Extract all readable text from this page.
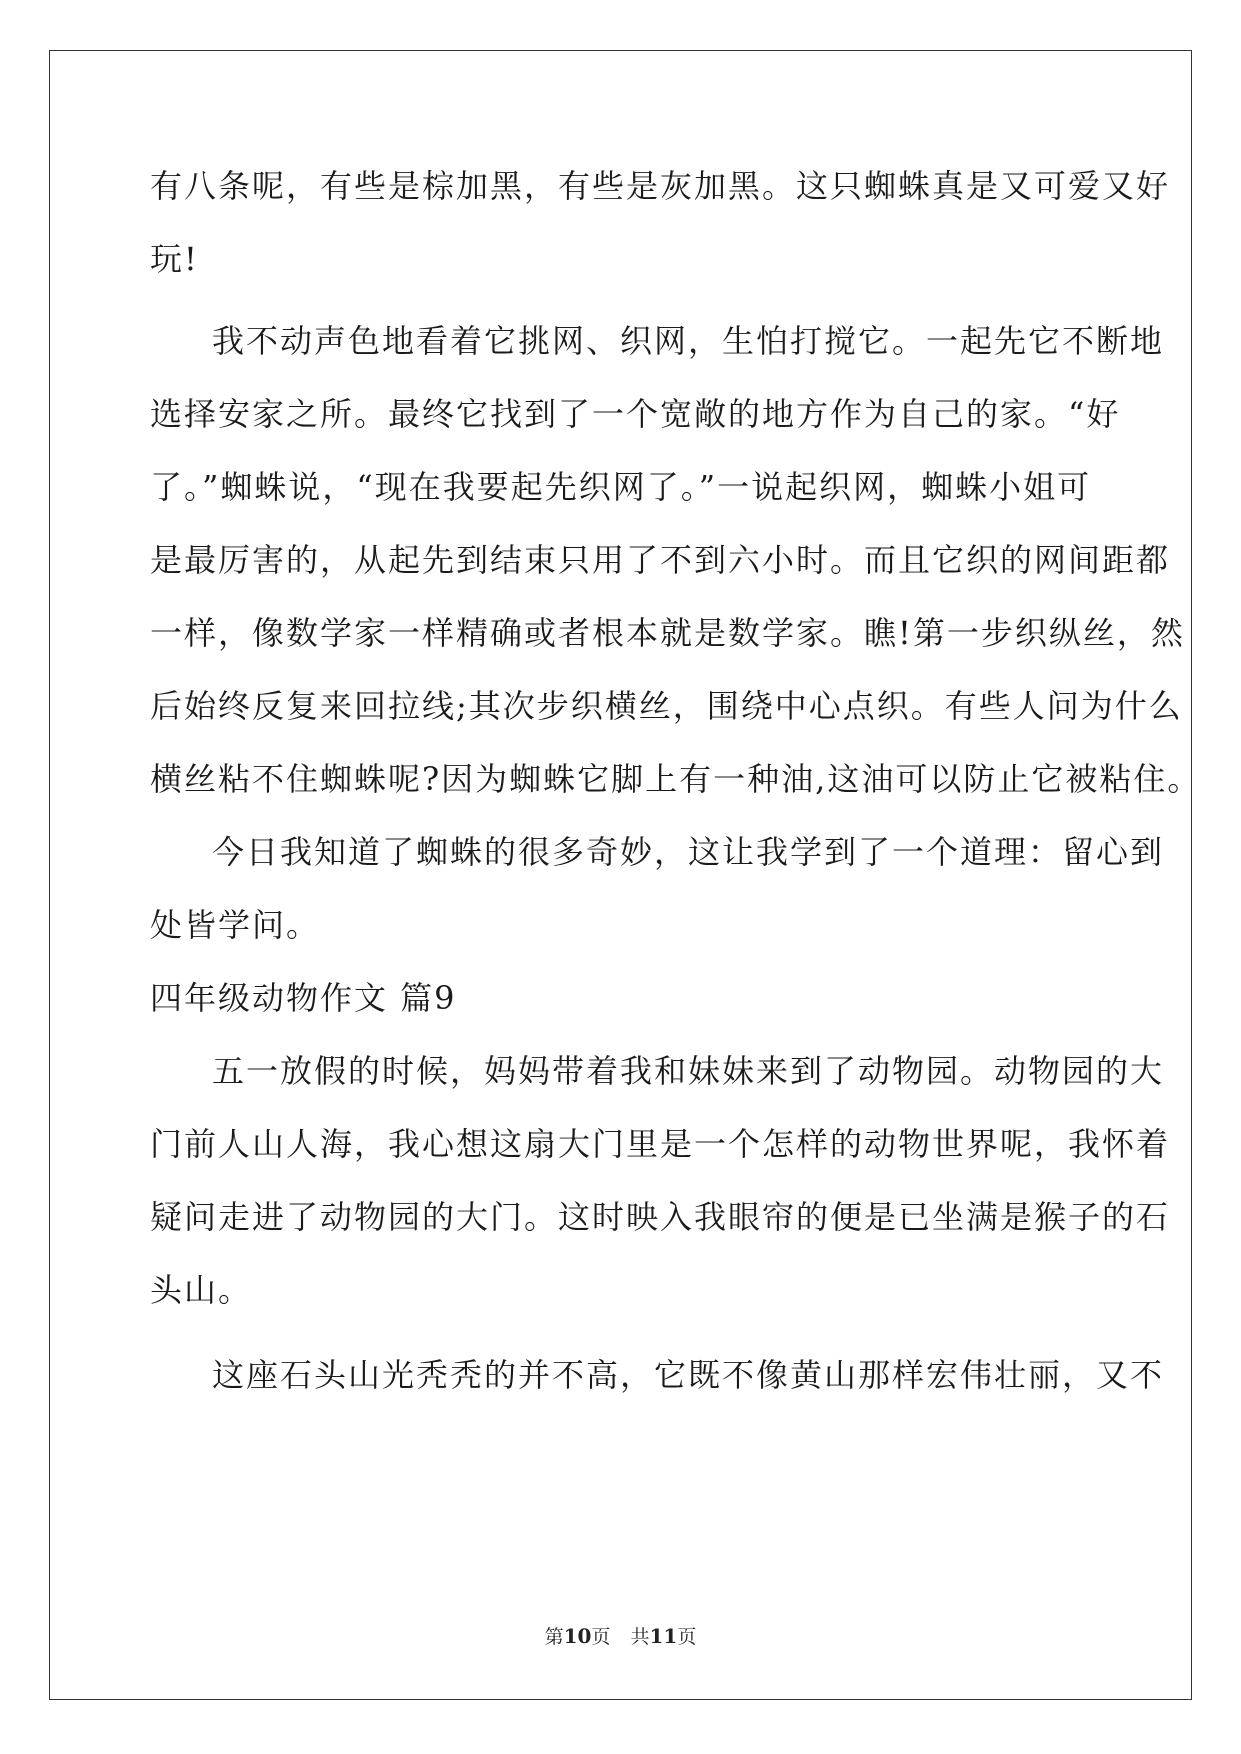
有八条呢，有些是棕加黑，有些是灰加黑。这只蜘蛛真是又可爱又好
玩!
我不动声色地看着它挑网、织网，生怕打搅它。一起先它不断地
选择安家之所。最终它找到了一个宽敞的地方作为自己的家。“好
了。”蜘蛛说，“现在我要起先织网了。”一说起织网，蜘蛛小姐可
是最厉害的，从起先到结束只用了不到六小时。而且它织的网间距都
一样，像数学家一样精确或者根本就是数学家。瞧!第一步织纵丝，然
后始终反复来回拉线;其次步织横丝，围绕中心点织。有些人问为什么
横丝粘不住蜘蛛呢?因为蜘蛛它脚上有一种油,这油可以防止它被粘住。
今日我知道了蜘蛛的很多奇妙，这让我学到了一个道理：留心到
处皆学问。
四年级动物作文 篇9
五一放假的时候，妈妈带着我和妹妹来到了动物园。动物园的大
门前人山人海，我心想这扇大门里是一个怎样的动物世界呢，我怀着
疑问走进了动物园的大门。这时映入我眼帘的便是已坐满是猴子的石
头山。
这座石头山光秃秃的并不高，它既不像黄山那样宏伟壮丽，又不
第10页 共11页
